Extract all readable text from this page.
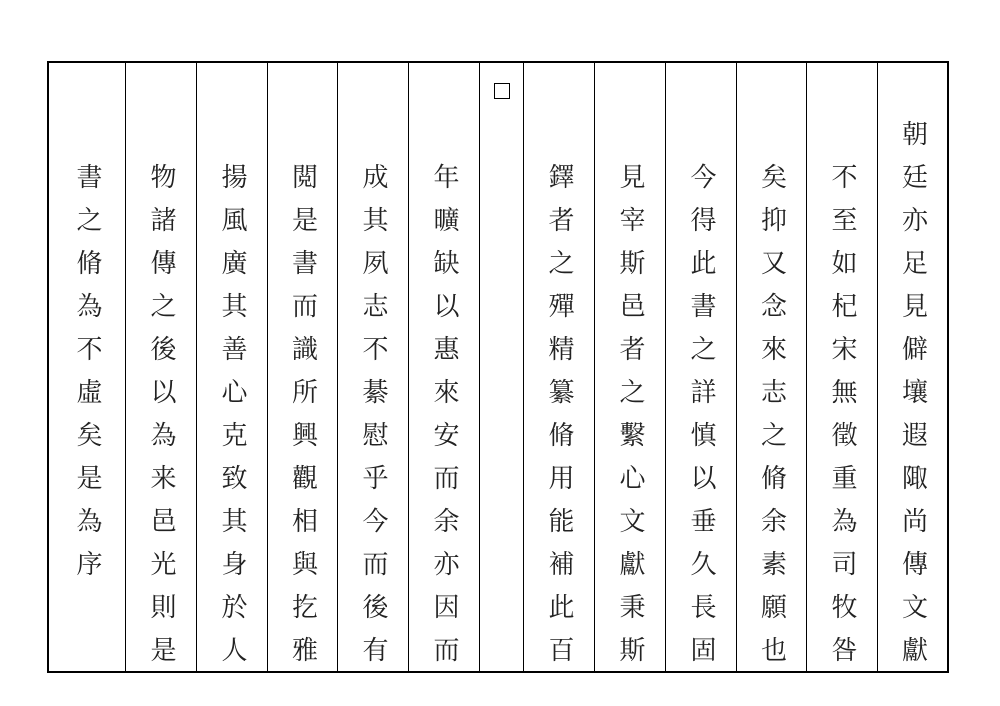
書之脩為不虛矣是為序 物諸傳之後以為来邑光則是 揚風廣其善心克致其身於人 閲是書而識所興觀相與扢雅 成其夙志不綦慰乎今而後有 年曠缺以惠來安而余亦因而	鐸者之殫精纂脩用能補此百 見宰斯邑者之繫心文獻秉斯 今得此書之詳慎以垂久長固 矣抑又念來志之脩余素願也 不至如杞宋無徵重為司牧咎 朝廷亦足見僻壤遐陬尚傳文獻
